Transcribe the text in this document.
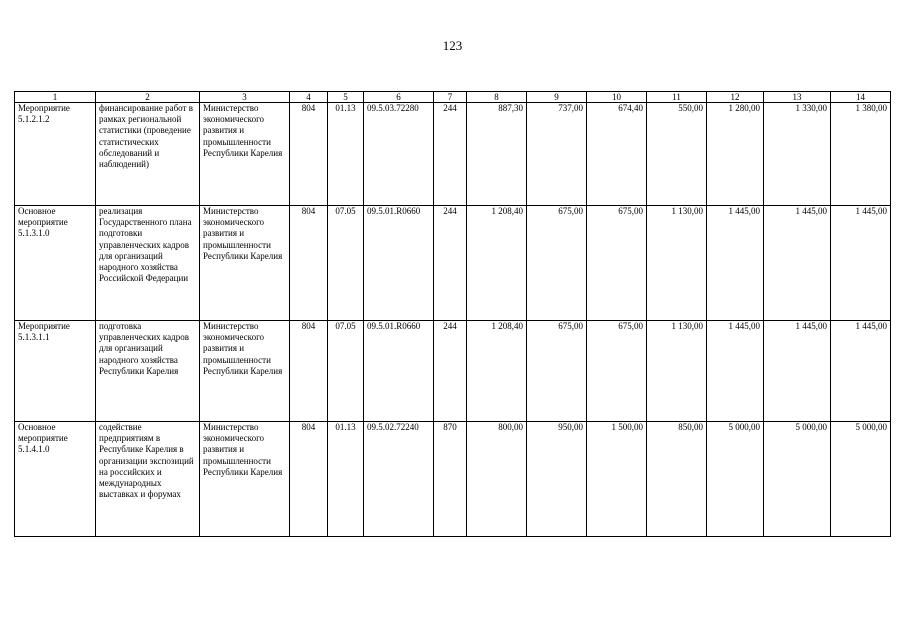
123
1	2	3	4	5	6	7	8	9	10	11	12	13	14
Мероприятие 5.1.2.1.2	финансирование работ в рамках региональной статистики (проведение статистических обследований и наблюдений)	Министерство экономического развития и промышленности Республики Карелия	804	01.13	09.5.03.72280	244	887,30	737,00	674,40	550,00	1 280,00	1 330,00	1 380,00
Основное мероприятие 5.1.3.1.0	реализация Государственного плана подготовки управленческих кадров для организаций народного хозяйства Российской Федерации	Министерство экономического развития и промышленности Республики Карелия	804	07.05	09.5.01.R0660	244	1 208,40	675,00	675,00	1 130,00	1 445,00	1 445,00	1 445,00
Мероприятие 5.1.3.1.1	подготовка управленческих кадров для организаций народного хозяйства Республики Карелия	Министерство экономического развития и промышленности Республики Карелия	804	07.05	09.5.01.R0660	244	1 208,40	675,00	675,00	1 130,00	1 445,00	1 445,00	1 445,00
Основное мероприятие 5.1.4.1.0	содействие предприятиям в Республике Карелия в организации экспозиций на российских и международных выставках и форумах	Министерство экономического развития и промышленности Республики Карелия	804	01.13	09.5.02.72240	870	800,00	950,00	1 500,00	850,00	5 000,00	5 000,00	5 000,00
